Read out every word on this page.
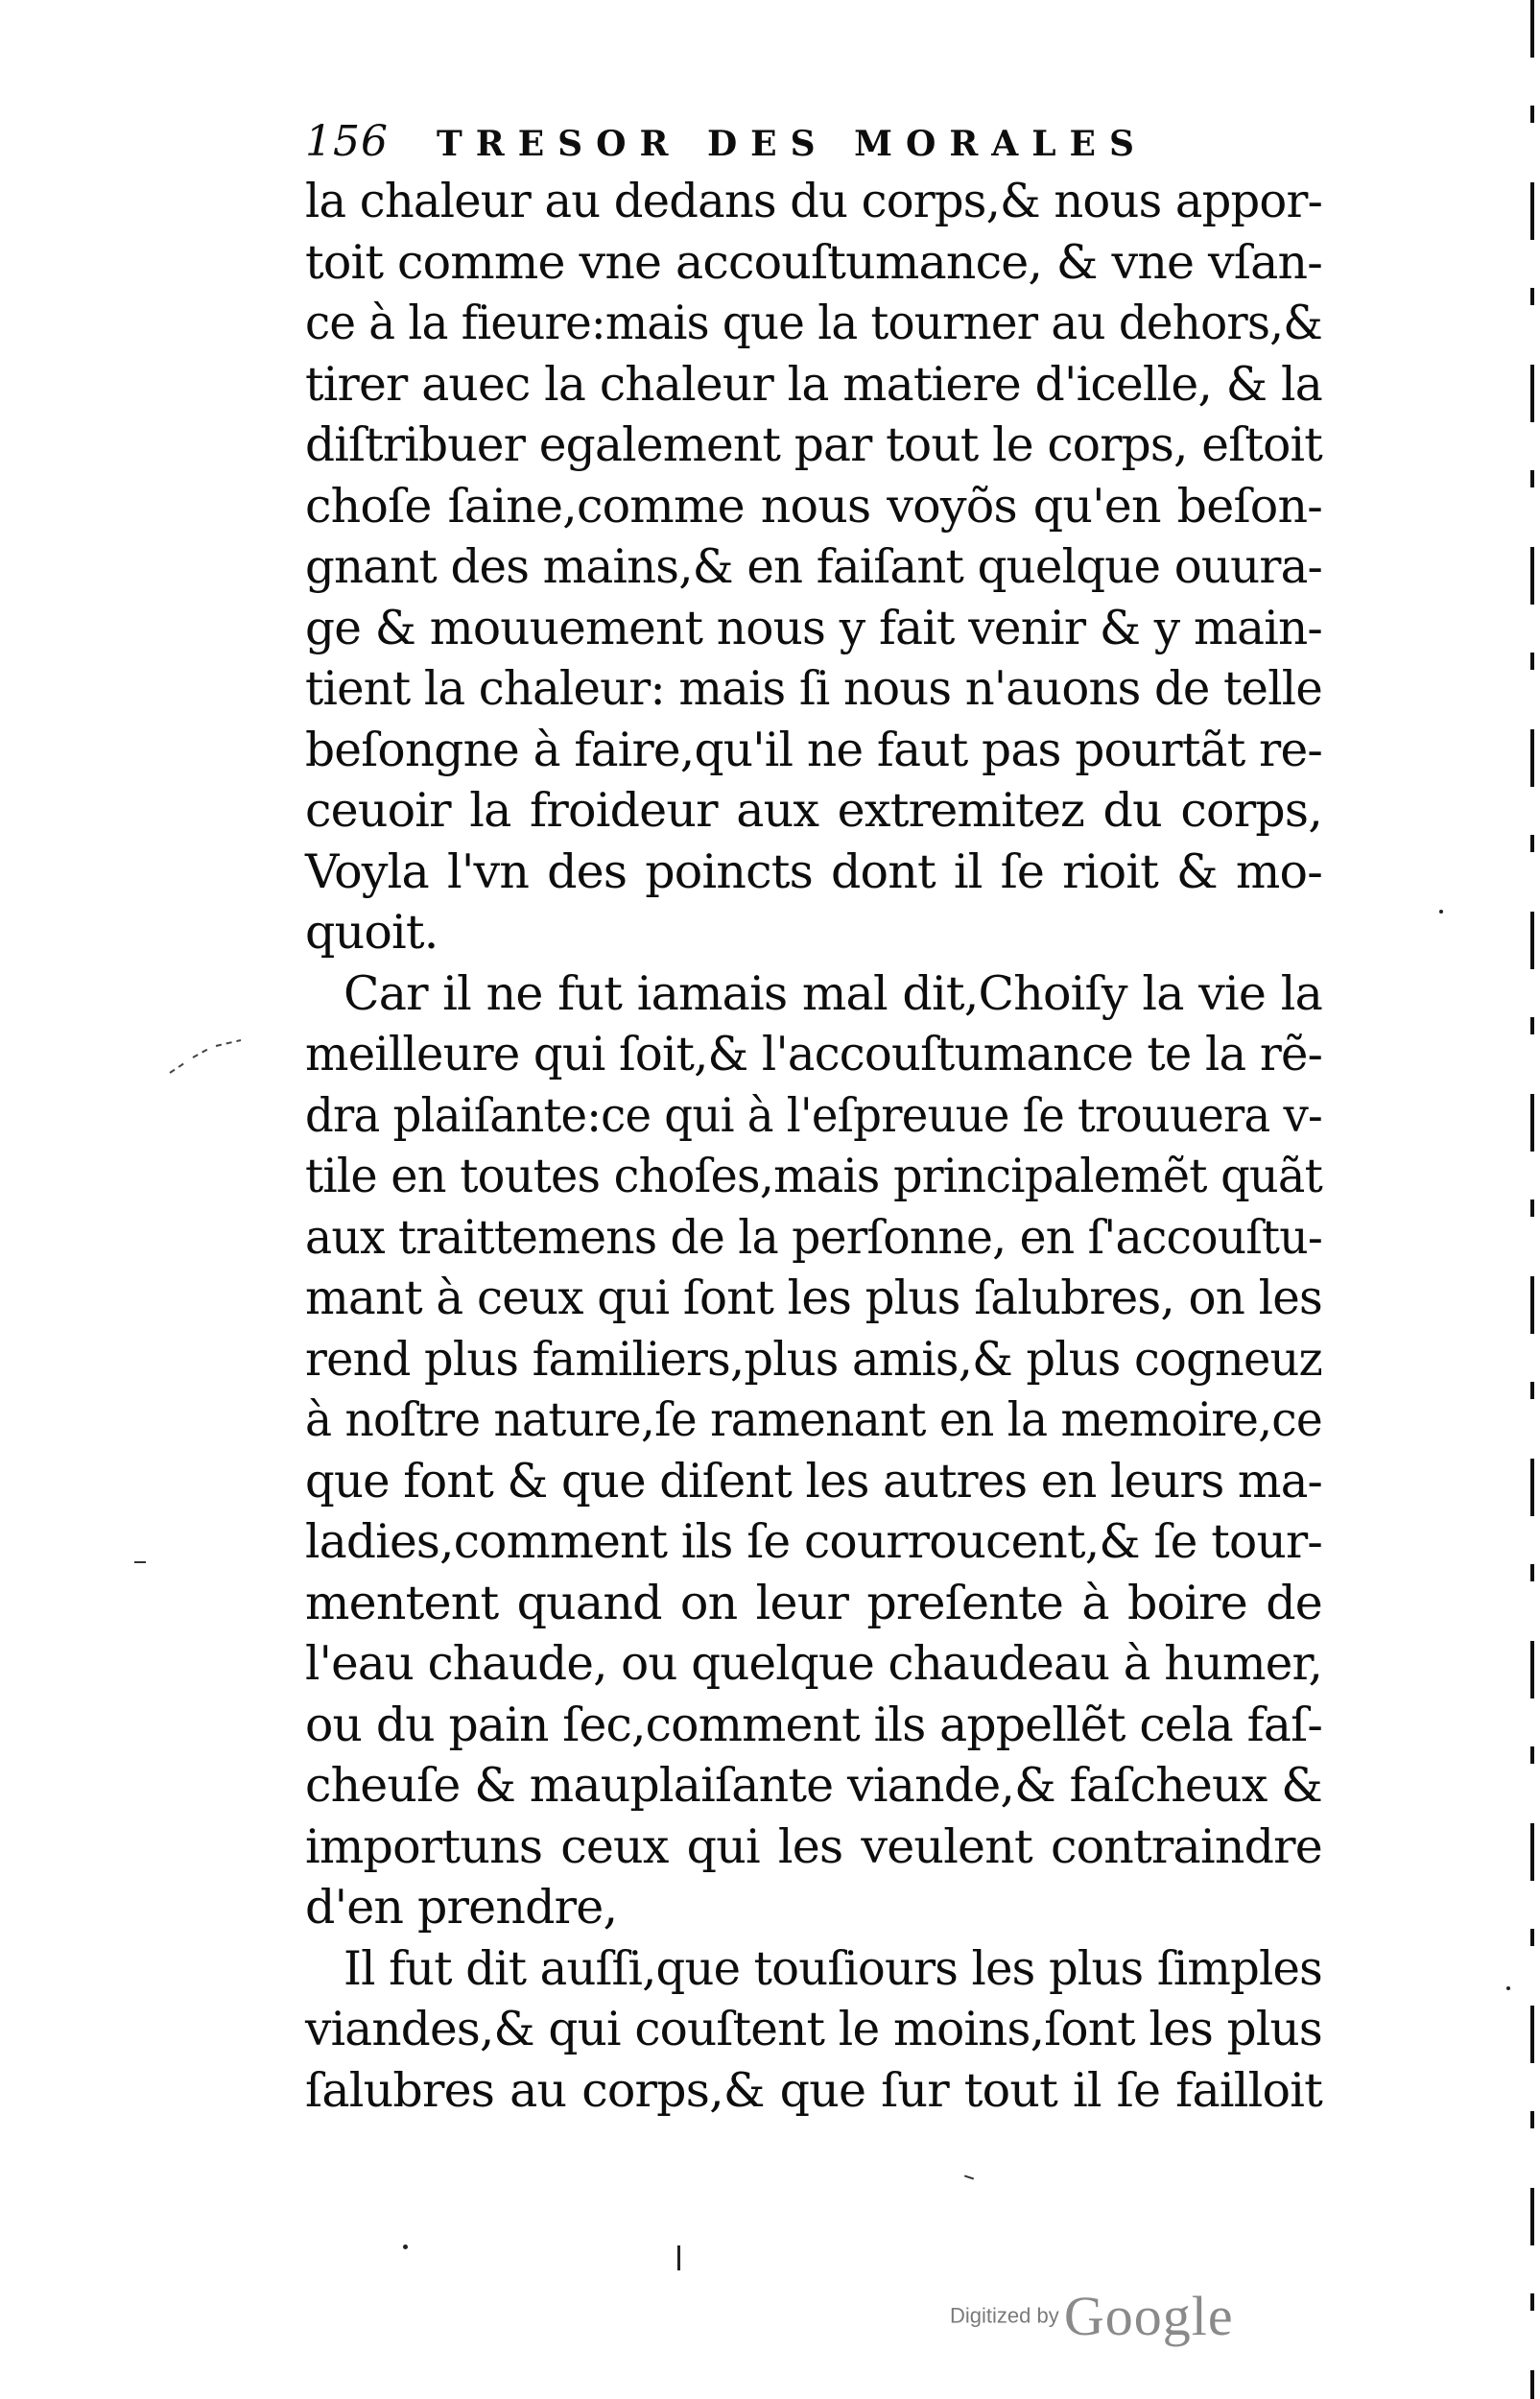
156 TRESOR DES MORALES
la chaleur au dedans du corps,& nous appor-
toit comme vne accouſtumance, & vne vſan-
ce à la fieure:mais que la tourner au dehors,&
tirer auec la chaleur la matiere d'icelle, & la
diſtribuer egalement par tout le corps, eſtoit
choſe ſaine,comme nous voyõs qu'en beſon-
gnant des mains,& en faiſant quelque ouura-
ge & mouuement nous y fait venir & y main-
tient la chaleur: mais ſi nous n'auons de telle
beſongne à faire,qu'il ne faut pas pourtãt re-
ceuoir la froideur aux extremitez du corps,
Voyla l'vn des poincts dont il ſe rioit & mo-
quoit.
Car il ne fut iamais mal dit,Choiſy la vie la
meilleure qui ſoit,& l'accouſtumance te la rẽ-
dra plaiſante:ce qui à l'eſpreuue ſe trouuera v-
tile en toutes choſes,mais principalemẽt quãt
aux traittemens de la perſonne, en ſ'accouſtu-
mant à ceux qui ſont les plus ſalubres, on les
rend plus familiers,plus amis,& plus cogneuz
à noſtre nature,ſe ramenant en la memoire,ce
que font & que diſent les autres en leurs ma-
ladies,comment ils ſe courroucent,& ſe tour-
mentent quand on leur preſente à boire de
l'eau chaude, ou quelque chaudeau à humer,
ou du pain ſec,comment ils appellẽt cela faſ-
cheuſe & mauplaiſante viande,& faſcheux &
importuns ceux qui les veulent contraindre
d'en prendre,
Il fut dit auſſi,que touſiours les plus ſimples
viandes,& qui couſtent le moins,ſont les plus
ſalubres au corps,& que ſur tout il ſe failloit
Digitized by Google
